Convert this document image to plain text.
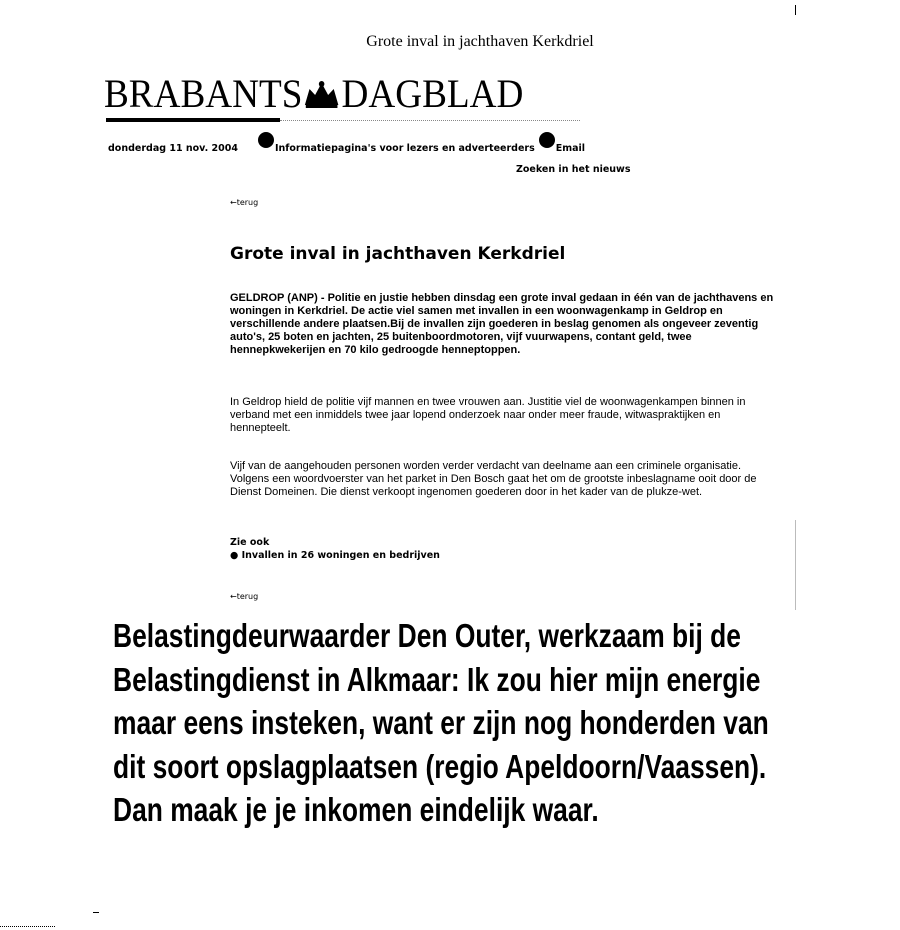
Grote inval in jachthaven Kerkdriel
BRABANTS DAGBLAD
donderdag 11 nov. 2004	Informatiepagina's voor lezers en adverteerders Email
Zoeken in het nieuws
←terug
Grote inval in jachthaven Kerkdriel
GELDROP (ANP) - Politie en justie hebben dinsdag een grote inval gedaan in één van de jachthavens en woningen in Kerkdriel. De actie viel samen met invallen in een woonwagenkamp in Geldrop en verschillende andere plaatsen.Bij de invallen zijn goederen in beslag genomen als ongeveer zeventig auto's, 25 boten en jachten, 25 buitenboordmotoren, vijf vuurwapens, contant geld, twee hennepkwekerijen en 70 kilo gedroogde henneptoppen.
In Geldrop hield de politie vijf mannen en twee vrouwen aan. Justitie viel de woonwagenkampen binnen in verband met een inmiddels twee jaar lopend onderzoek naar onder meer fraude, witwaspraktijken en hennepteelt.
Vijf van de aangehouden personen worden verder verdacht van deelname aan een criminele organisatie. Volgens een woordvoerster van het parket in Den Bosch gaat het om de grootste inbeslagname ooit door de Dienst Domeinen. Die dienst verkoopt ingenomen goederen door in het kader van de plukze-wet.
Zie ook
● Invallen in 26 woningen en bedrijven
←terug
Belastingdeurwaarder Den Outer, werkzaam bij de
Belastingdienst in Alkmaar: Ik zou hier mijn energie
maar eens insteken, want er zijn nog honderden van
dit soort opslagplaatsen (regio Apeldoorn/Vaassen).
Dan maak je je inkomen eindelijk waar.
